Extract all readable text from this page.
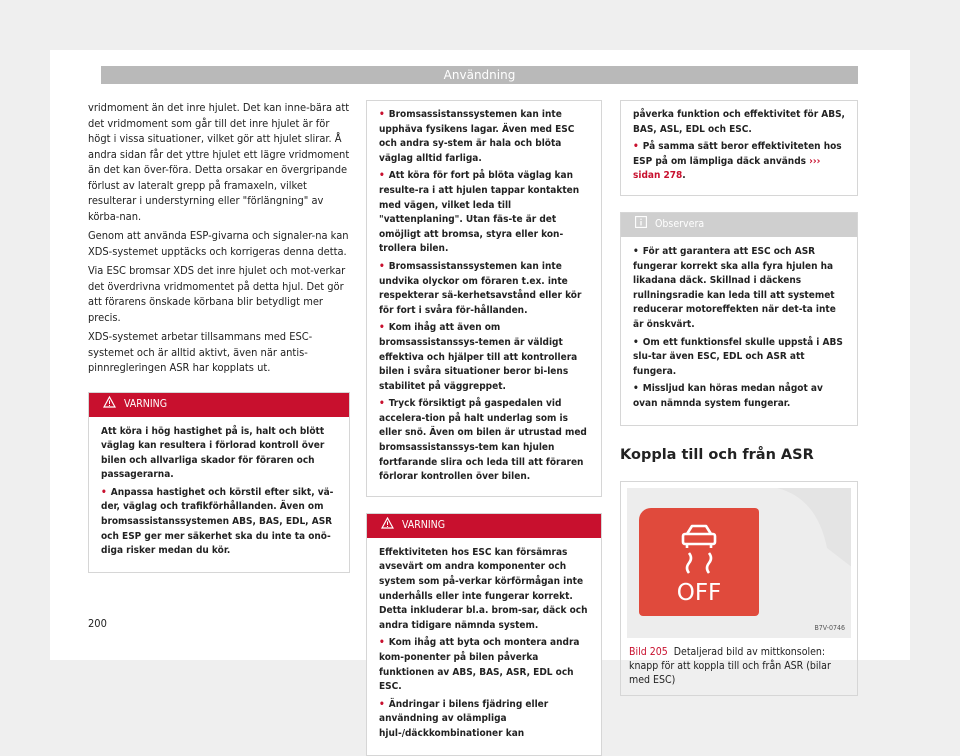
Användning

vridmoment än det inre hjulet. Det kan inne-bära att det vridmoment som går till det inre hjulet är för högt i vissa situationer, vilket gör att hjulet slirar. Å andra sidan får det yttre hjulet ett lägre vridmoment än det kan över-föra. Detta orsakar en övergripande förlust av lateralt grepp på framaxeln, vilket resulterar i understyrning eller "förlängning" av körba-nan.

Genom att använda ESP-givarna och signaler-na kan XDS-systemet upptäcks och korrigeras denna detta.

Via ESC bromsar XDS det inre hjulet och mot-verkar det överdrivna vridmomentet på detta hjul. Det gör att förarens önskade körbana blir betydligt mer precis.

XDS-systemet arbetar tillsammans med ESC-systemet och är alltid aktivt, även när antis-pinnregleringen ASR har kopplats ut.

VARNING

Att köra i hög hastighet på is, halt och blött väglag kan resultera i förlorad kontroll över bilen och allvarliga skador för föraren och passagerarna.

• Anpassa hastighet och körstil efter sikt, vä-der, väglag och trafikförhållanden. Även om bromsassistanssystemen ABS, BAS, EDL, ASR och ESP ger mer säkerhet ska du inte ta onö-diga risker medan du kör.

• Bromsassistanssystemen kan inte upphäva fysikens lagar. Även med ESC och andra sy-stem är hala och blöta väglag alltid farliga.

• Att köra för fort på blöta väglag kan resulte-ra i att hjulen tappar kontakten med vägen, vilket leda till "vattenplaning". Utan fäs-te är det omöjligt att bromsa, styra eller kon-trollera bilen.

• Bromsassistanssystemen kan inte undvika olyckor om föraren t.ex. inte respekterar sä-kerhetsavstånd eller kör för fort i svåra för-hållanden.

• Kom ihåg att även om bromsassistanssys-temen är väldigt effektiva och hjälper till att kontrollera bilen i svåra situationer beror bi-lens stabilitet på väggreppet.

• Tryck försiktigt på gaspedalen vid accelera-tion på halt underlag som is eller snö. Även om bilen är utrustad med bromsassistanssys-tem kan hjulen fortfarande slira och leda till att föraren förlorar kontrollen över bilen.

VARNING

Effektiviteten hos ESC kan försämras avsevärt om andra komponenter och system som på-verkar körförmågan inte underhålls eller inte fungerar korrekt. Detta inkluderar bl.a. brom-sar, däck och andra tidigare nämnda system.

• Kom ihåg att byta och montera andra kom-ponenter på bilen påverka funktionen av ABS, BAS, ASR, EDL och ESC.

• Ändringar i bilens fjädring eller användning av olämpliga hjul-/däckkombinationer kan

påverka funktion och effektivitet för ABS, BAS, ASL, EDL och ESC.

• På samma sätt beror effektiviteten hos ESP på om lämpliga däck används ››› sidan 278.

Observera

• För att garantera att ESC och ASR fungerar korrekt ska alla fyra hjulen ha likadana däck. Skillnad i däckens rullningsradie kan leda till att systemet reducerar motoreffekten när det-ta inte är önskvärt.

• Om ett funktionsfel skulle uppstå i ABS slu-tar även ESC, EDL och ASR att fungera.

• Missljud kan höras medan något av ovan nämnda system fungerar.

Koppla till och från ASR
OFF
B7V-0746
Bild 205 Detaljerad bild av mittkonsolen: knapp för att koppla till och från ASR (bilar med ESC)
200
